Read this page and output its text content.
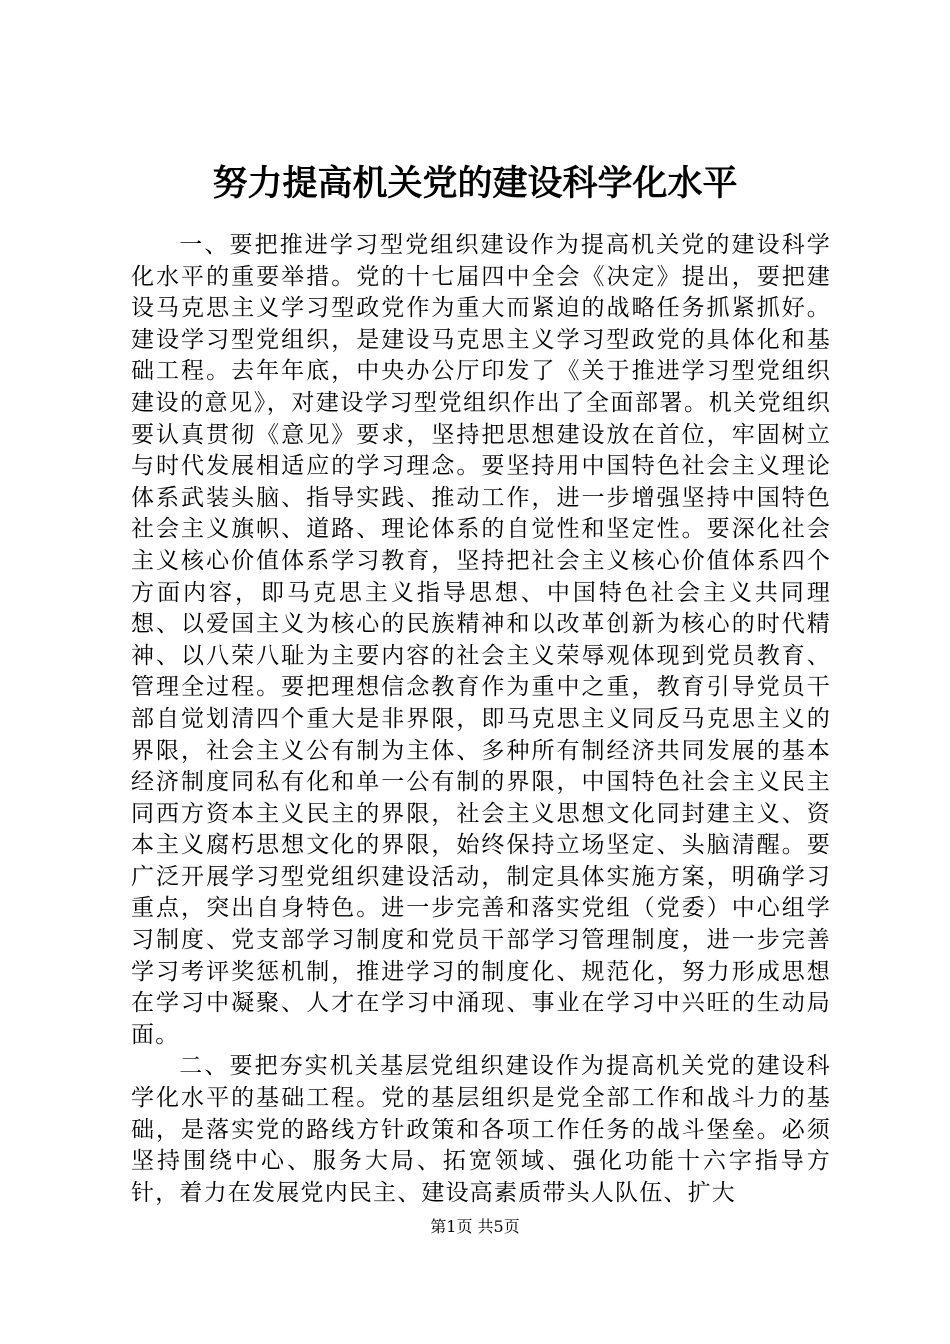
努力提高机关党的建设科学化水平

一、要把推进学习型党组织建设作为提高机关党的建设科学化水平的重要举措。党的十七届四中全会《决定》提出，要把建设马克思主义学习型政党作为重大而紧迫的战略任务抓紧抓好。建设学习型党组织，是建设马克思主义学习型政党的具体化和基础工程。去年年底，中央办公厅印发了《关于推进学习型党组织建设的意见》，对建设学习型党组织作出了全面部署。机关党组织要认真贯彻《意见》要求，坚持把思想建设放在首位，牢固树立与时代发展相适应的学习理念。要坚持用中国特色社会主义理论体系武装头脑、指导实践、推动工作，进一步增强坚持中国特色社会主义旗帜、道路、理论体系的自觉性和坚定性。要深化社会主义核心价值体系学习教育，坚持把社会主义核心价值体系四个方面内容，即马克思主义指导思想、中国特色社会主义共同理想、以爱国主义为核心的民族精神和以改革创新为核心的时代精神、以八荣八耻为主要内容的社会主义荣辱观体现到党员教育、管理全过程。要把理想信念教育作为重中之重，教育引导党员干部自觉划清四个重大是非界限，即马克思主义同反马克思主义的界限，社会主义公有制为主体、多种所有制经济共同发展的基本经济制度同私有化和单一公有制的界限，中国特色社会主义民主同西方资本主义民主的界限，社会主义思想文化同封建主义、资本主义腐朽思想文化的界限，始终保持立场坚定、头脑清醒。要广泛开展学习型党组织建设活动，制定具体实施方案，明确学习重点，突出自身特色。进一步完善和落实党组（党委）中心组学习制度、党支部学习制度和党员干部学习管理制度，进一步完善学习考评奖惩机制，推进学习的制度化、规范化，努力形成思想在学习中凝聚、人才在学习中涌现、事业在学习中兴旺的生动局面。

二、要把夯实机关基层党组织建设作为提高机关党的建设科学化水平的基础工程。党的基层组织是党全部工作和战斗力的基础，是落实党的路线方针政策和各项工作任务的战斗堡垒。必须坚持围绕中心、服务大局、拓宽领域、强化功能十六字指导方针，着力在发展党内民主、建设高素质带头人队伍、扩大

第1页 共5页
